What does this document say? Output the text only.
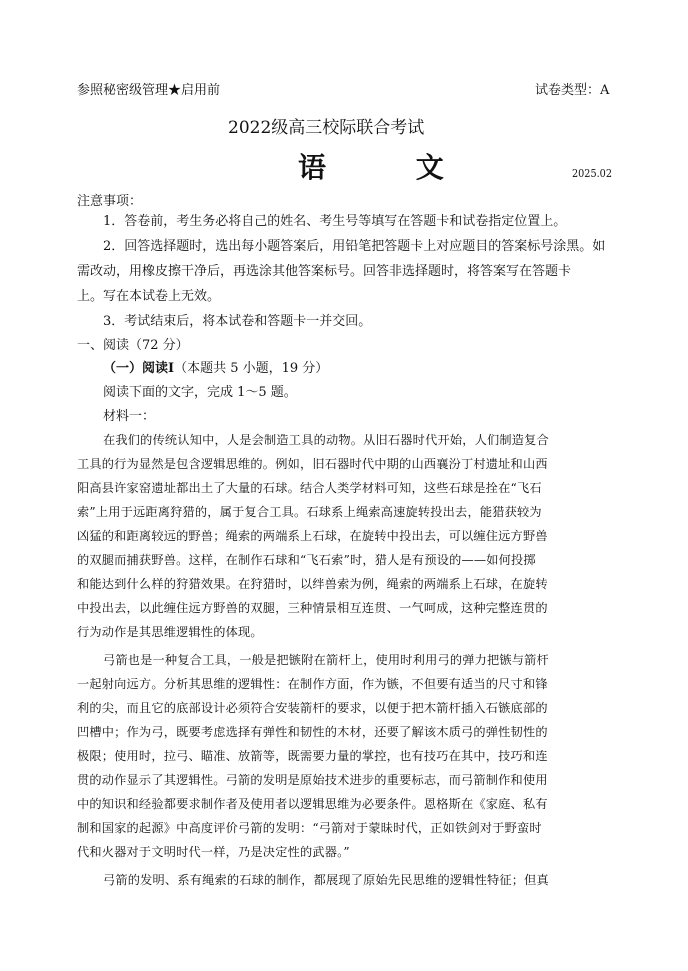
参照秘密级管理★启用前	试卷类型：A
2022级高三校际联合考试
语 文	2025.02
注意事项：
1．答卷前，考生务必将自己的姓名、考生号等填写在答题卡和试卷指定位置上。
2．回答选择题时，选出每小题答案后，用铅笔把答题卡上对应题目的答案标号涂黑。如
需改动，用橡皮擦干净后，再选涂其他答案标号。回答非选择题时，将答案写在答题卡
上。写在本试卷上无效。
3．考试结束后，将本试卷和答题卡一并交回。
一、阅读（72 分）
（一）阅读Ⅰ（本题共 5 小题，19 分）
阅读下面的文字，完成 1～5 题。
材料一：
在我们的传统认知中，人是会制造工具的动物。从旧石器时代开始，人们制造复合
工具的行为显然是包含逻辑思维的。例如，旧石器时代中期的山西襄汾丁村遗址和山西
阳高县许家窑遗址都出土了大量的石球。结合人类学材料可知，这些石球是拴在“飞石
索”上用于远距离狩猎的，属于复合工具。石球系上绳索高速旋转投出去，能猎获较为
凶猛的和距离较远的野兽；绳索的两端系上石球，在旋转中投出去，可以缠住远方野兽
的双腿而捕获野兽。这样，在制作石球和“飞石索”时，猎人是有预设的——如何投掷
和能达到什么样的狩猎效果。在狩猎时，以绊兽索为例，绳索的两端系上石球，在旋转
中投出去，以此缠住远方野兽的双腿，三种情景相互连贯、一气呵成，这种完整连贯的
行为动作是其思维逻辑性的体现。
弓箭也是一种复合工具，一般是把镞附在箭杆上，使用时利用弓的弹力把镞与箭杆
一起射向远方。分析其思维的逻辑性：在制作方面，作为镞，不但要有适当的尺寸和锋
利的尖，而且它的底部设计必须符合安装箭杆的要求，以便于把木箭杆插入石镞底部的
凹槽中；作为弓，既要考虑选择有弹性和韧性的木材，还要了解该木质弓的弹性韧性的
极限；使用时，拉弓、瞄准、放箭等，既需要力量的掌控，也有技巧在其中，技巧和连
贯的动作显示了其逻辑性。弓箭的发明是原始技术进步的重要标志，而弓箭制作和使用
中的知识和经验都要求制作者及使用者以逻辑思维为必要条件。恩格斯在《家庭、私有
制和国家的起源》中高度评价弓箭的发明：“弓箭对于蒙昧时代，正如铁剑对于野蛮时
代和火器对于文明时代一样，乃是决定性的武器。”
弓箭的发明、系有绳索的石球的制作，都展现了原始先民思维的逻辑性特征；但真
